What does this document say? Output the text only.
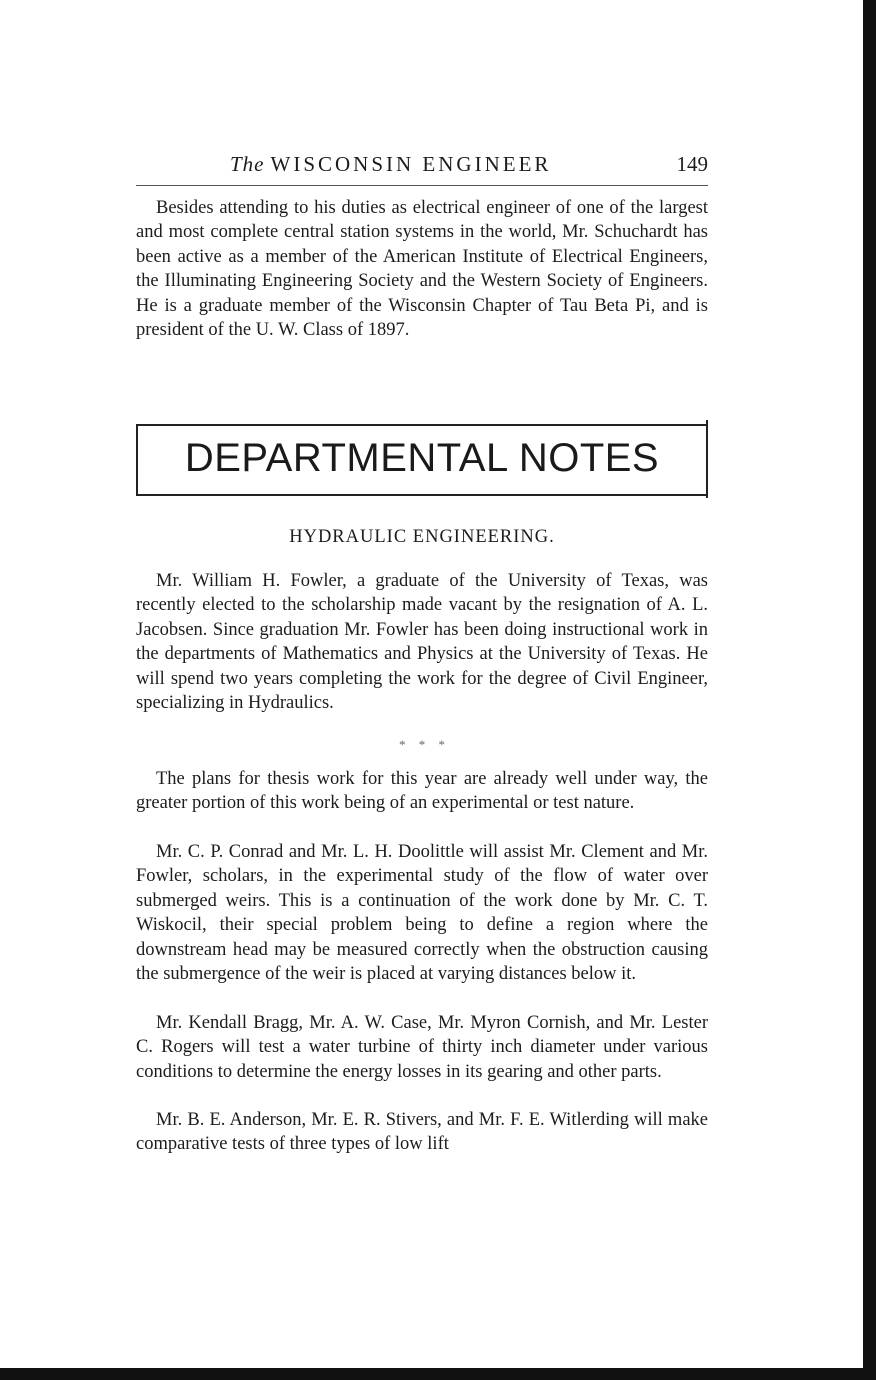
The WISCONSIN ENGINEER	149

Besides attending to his duties as electrical engineer of one of the largest and most complete central station systems in the world, Mr. Schuchardt has been active as a member of the American Institute of Electrical Engineers, the Illuminating Engineering Society and the Western Society of Engineers. He is a graduate member of the Wisconsin Chapter of Tau Beta Pi, and is president of the U. W. Class of 1897.

DEPARTMENTAL NOTES
HYDRAULIC ENGINEERING.

Mr. William H. Fowler, a graduate of the University of Texas, was recently elected to the scholarship made vacant by the resignation of A. L. Jacobsen. Since graduation Mr. Fowler has been doing instructional work in the departments of Mathematics and Physics at the University of Texas. He will spend two years completing the work for the degree of Civil Engineer, specializing in Hydraulics.

* * *

The plans for thesis work for this year are already well under way, the greater portion of this work being of an experimental or test nature.

Mr. C. P. Conrad and Mr. L. H. Doolittle will assist Mr. Clement and Mr. Fowler, scholars, in the experimental study of the flow of water over submerged weirs. This is a continuation of the work done by Mr. C. T. Wiskocil, their special problem being to define a region where the downstream head may be measured correctly when the obstruction causing the submergence of the weir is placed at varying distances below it.

Mr. Kendall Bragg, Mr. A. W. Case, Mr. Myron Cornish, and Mr. Lester C. Rogers will test a water turbine of thirty inch diameter under various conditions to determine the energy losses in its gearing and other parts.

Mr. B. E. Anderson, Mr. E. R. Stivers, and Mr. F. E. Witlerding will make comparative tests of three types of low lift
